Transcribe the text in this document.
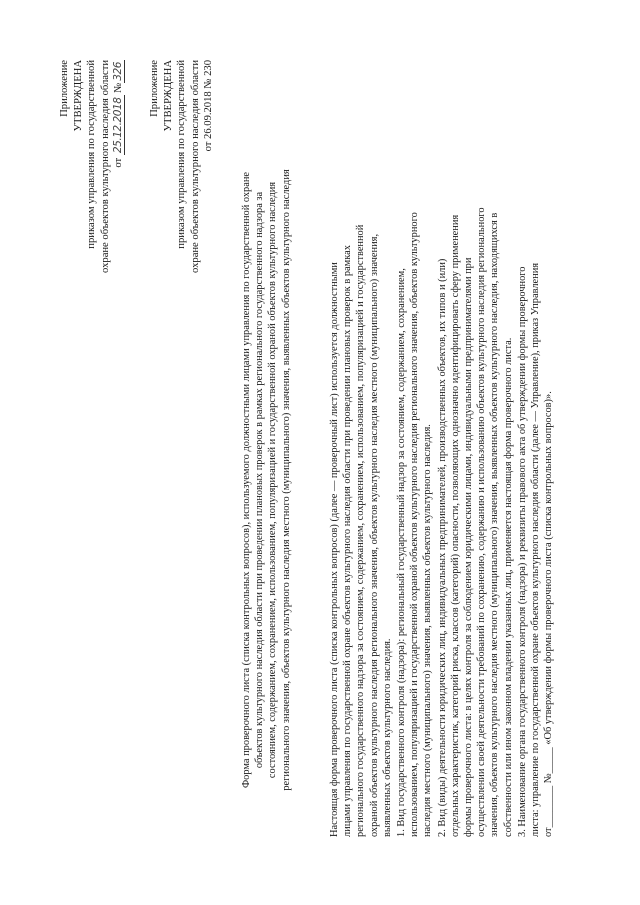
Приложение УТВЕРЖДЕНА приказом управления по государственной охране объектов культурного наследия области от 25.12.2018 №326 Приложение УТВЕРЖДЕНА приказом управления по государственной охране объектов культурного наследия области от 26.09.2018 № 230
Форма проверочного листа (списка контрольных вопросов), используемого должностными лицами управления по государственной охране объектов культурного наследия области при проведении плановых проверок в рамках регионального государственного надзора за состоянием, содержанием, сохранением, использованием, популяризацией и государственной охраной объектов культурного наследия регионального значения, объектов культурного наследия местного (муниципального) значения, выявленных объектов культурного наследия	Настоящая форма проверочного листа (списка контрольных вопросов) (далее — проверочный лист) используется должностными лицами управления по государственной охране объектов культурного наследия области при проведении плановых проверок в рамках регионального государственного надзора за состоянием, содержанием, сохранением, использованием, популяризацией и государственной охраной объектов культурного наследия регионального значения, объектов культурного наследия местного (муниципального) значения, выявленных объектов культурного наследия. 1. Вид государственного контроля (надзора): региональный государственный надзор за состоянием, содержанием, сохранением, использованием, популяризацией и государственной охраной объектов культурного наследия регионального значения, объектов культурного наследия местного (муниципального) значения, выявленных объектов культурного наследия. 2. Вид (виды) деятельности юридических лиц, индивидуальных предпринимателей, производственных объектов, их типов и (или) отдельных характеристик, категорий риска, классов (категорий) опасности, позволяющих однозначно идентифицировать сферу применения формы проверочного листа: в целях контроля за соблюдением юридическими лицами, индивидуальными предпринимателями при осуществлении своей деятельности требований по сохранению, содержанию и использованию объектов культурного наследия регионального значения, объектов культурного наследия местного (муниципального) значения, выявленных объектов культурного наследия, находящихся в собственности или ином законном владении указанных лиц, применяется настоящая форма проверочного листа. 3. Наименование органа государственного контроля (надзора) и реквизиты правового акта об утверждении формы проверочного листа: управление по государственной охране объектов культурного наследия области (далее — Управление), приказ Управления от________ №_____ «Об утверждении формы проверочного листа (списка контрольных вопросов)».
